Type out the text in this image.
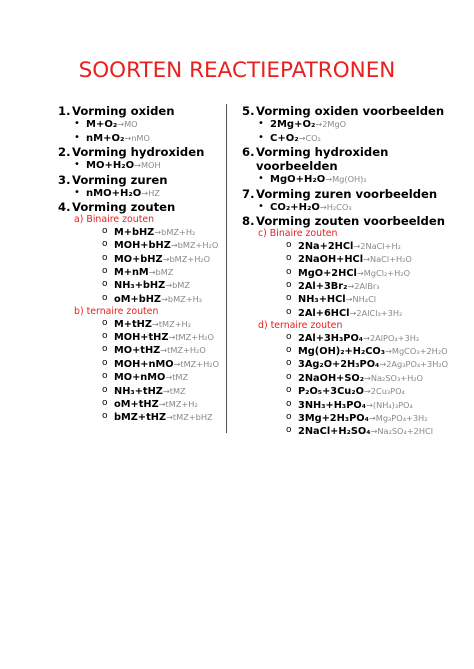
SOORTEN REACTIEPATRONEN
1. Vorming oxiden
• M+O₂→MO
• nM+O₂→nMO
2. Vorming hydroxiden
• MO+H₂O→MOH
3. Vorming zuren
• nMO+H₂O→HZ
4. Vorming zouten
a) Binaire zouten
o M+bHZ→bMZ+H₂
o MOH+bHZ→bMZ+H₂O
o MO+bHZ→bMZ+H₂O
o M+nM→bMZ
o NH₃+bHZ→bMZ
o oM+bHZ→bMZ+H₂
b) ternaire zouten
o M+tHZ→tMZ+H₂
o MOH+tHZ→tMZ+H₂O
o MO+tHZ→tMZ+H₂O
o MOH+nMO→tMZ+H₂O
o MO+nMO→tMZ
o NH₃+tHZ→tMZ
o oM+tHZ→tMZ+H₂
o bMZ+tHZ→tMZ+bHZ
5. Vorming oxiden voorbeelden
• 2Mg+O₂→2MgO
• C+O₂→CO₂
6. Vorming hydroxiden voorbeelden
• MgO+H₂O→Mg(OH)₂
7. Vorming zuren voorbeelden
• CO₂+H₂O→H₂CO₃
8. Vorming zouten voorbeelden
c) Binaire zouten
o 2Na+2HCl→2NaCl+H₂
o 2NaOH+HCl→NaCl+H₂O
o MgO+2HCl→MgCl₂+H₂O
o 2Al+3Br₂→2AlBr₃
o NH₃+HCl→NH₄Cl
o 2Al+6HCl→2AlCl₃+3H₂
d) ternaire zouten
o 2Al+3H₃PO₄→2AlPO₄+3H₂
o Mg(OH)₂+H₂CO₃→MgCO₃+2H₂O
o 3Ag₂O+2H₃PO₄→2Ag₃PO₄+3H₂O
o 2NaOH+SO₂→Na₂SO₃+H₂O
o P₂O₅+3Cu₂O→2Cu₃PO₄
o 3NH₃+H₃PO₄→(NH₄)₃PO₄
o 3Mg+2H₃PO₄→Mg₃PO₄+3H₂
o 2NaCl+H₂SO₄→Na₂SO₄+2HCl
